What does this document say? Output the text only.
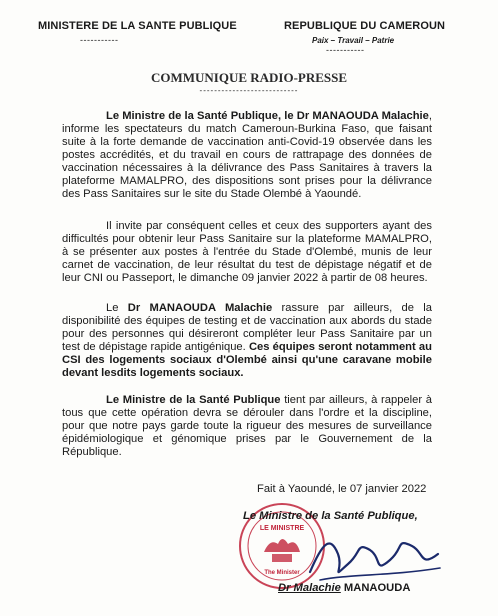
MINISTERE DE LA SANTE PUBLIQUE
-----------
REPUBLIQUE DU CAMEROUN
Paix – Travail – Patrie
-----------
COMMUNIQUE RADIO-PRESSE
---------------------------
Le Ministre de la Santé Publique, le Dr MANAOUDA Malachie, informe les spectateurs du match Cameroun-Burkina Faso, que faisant suite à la forte demande de vaccination anti-Covid-19 observée dans les postes accrédités, et du travail en cours de rattrapage des données de vaccination nécessaires à la délivrance des Pass Sanitaires à travers la plateforme MAMALPRO, des dispositions sont prises pour la délivrance des Pass Sanitaires sur le site du Stade Olembé à Yaoundé.
Il invite par conséquent celles et ceux des supporters ayant des difficultés pour obtenir leur Pass Sanitaire sur la plateforme MAMALPRO, à se présenter aux postes à l'entrée du Stade d'Olembé, munis de leur carnet de vaccination, de leur résultat du test de dépistage négatif et de leur CNI ou Passeport, le dimanche 09 janvier 2022 à partir de 08 heures.
Le Dr MANAOUDA Malachie rassure par ailleurs, de la disponibilité des équipes de testing et de vaccination aux abords du stade pour des personnes qui désireront compléter leur Pass Sanitaire par un test de dépistage rapide antigénique. Ces équipes seront notamment au CSI des logements sociaux d'Olembé ainsi qu'une caravane mobile devant lesdits logements sociaux.
Le Ministre de la Santé Publique tient par ailleurs, à rappeler à tous que cette opération devra se dérouler dans l'ordre et la discipline, pour que notre pays garde toute la rigueur des mesures de surveillance épidémiologique et génomique prises par le Gouvernement de la République.
Fait à Yaoundé, le 07 janvier 2022
LE MINISTRE
The Minister
Le Ministre de la Santé Publique,
Dr Malachie MANAOUDA
